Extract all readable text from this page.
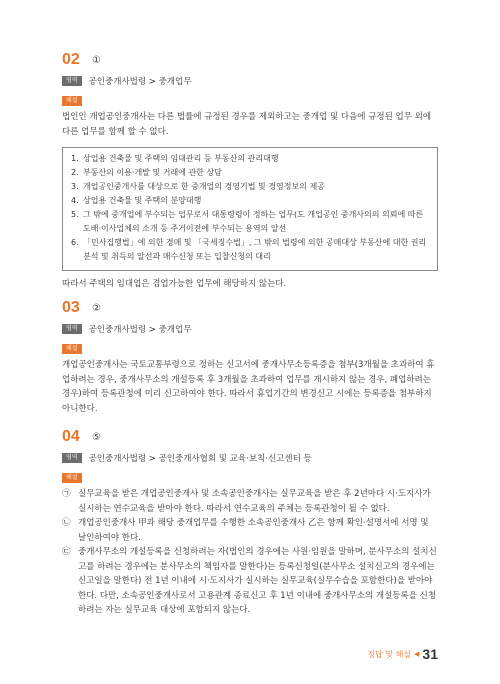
02	①
영역	공인중개사법령 > 중개업무
해설
법인인 개업공인중개사는 다른 법률에 규정된 경우를 제외하고는 중개업 및 다음에 규정된 업무 외에 다른 업무를 함께 할 수 없다.
1. 상업용 건축물 및 주택의 임대관리 등 부동산의 관리대행
2. 부동산의 이용·개발 및 거래에 관한 상담
3. 개업공인중개사를 대상으로 한 중개업의 경영기법 및 경영정보의 제공
4. 상업용 건축물 및 주택의 분양대행
5. 그 밖에 중개업에 부수되는 업무로서 대통령령이 정하는 업무(도 개업공인 중개사의의 의뢰에 따른 도배·이사업체의 소개 등 주거이전에 부수되는 용역의 알선
6. 「민사집행법」에 의한 경매 및 「국세징수법」, 그 밖의 법령에 의한 공매대상 부동산에 대한 권리분석 및 취득의 알선과 매수신청 또는 입찰신청의 대리
따라서 주택의 임대업은 겸업가능한 업무에 해당하지 않는다.
03	②
영역	공인중개사법령 > 중개업무
해설
개업공인중개사는 국토교통부령으로 정하는 신고서에 중개사무소등록증을 첨부(3개월을 초과하여 휴업하려는 경우, 중개사무소의 개설등록 후 3개월을 초과하여 업무를 개시하지 않는 경우, 폐업하려는 경우)하여 등록관청에 미리 신고하여야 한다. 따라서 휴업기간의 변경신고 시에는 등록증을 첨부하지 아니한다.
04	⑤
영역	공인중개사법령 > 공인중개사협회 및 교육·보칙·신고센터 등
해설
㉠ 실무교육을 받은 개업공인중개사 및 소속공인중개사는 실무교육을 받은 후 2년마다 시·도지사가 실시하는 연수교육을 받아야 한다. 따라서 연수교육의 주체는 등록관청이 될 수 없다.
㉡ 개업공인중개사 甲과 해당 중개업무를 수행한 소속공인중개사 乙은 함께 확인·설명서에 서명 및 날인하여야 한다.
㉢ 중개사무소의 개설등록을 신청하려는 자(법인의 경우에는 사원·임원을 말하며, 분사무소의 설치신고를 하려는 경우에는 분사무소의 책임자를 말한다)는 등록신청일(분사무소 설치신고의 경우에는 신고일을 말한다) 전 1년 이내에 시·도지사가 실시하는 실무교육(실무수습을 포함한다)을 받아야 한다. 다만, 소속공인중개사로서 고용관계 종료신고 후 1년 이내에 중개사무소의 개설등록을 신청하려는 자는 실무교육 대상에 포함되지 않는다.
정답 및 해설 ◀ 31
